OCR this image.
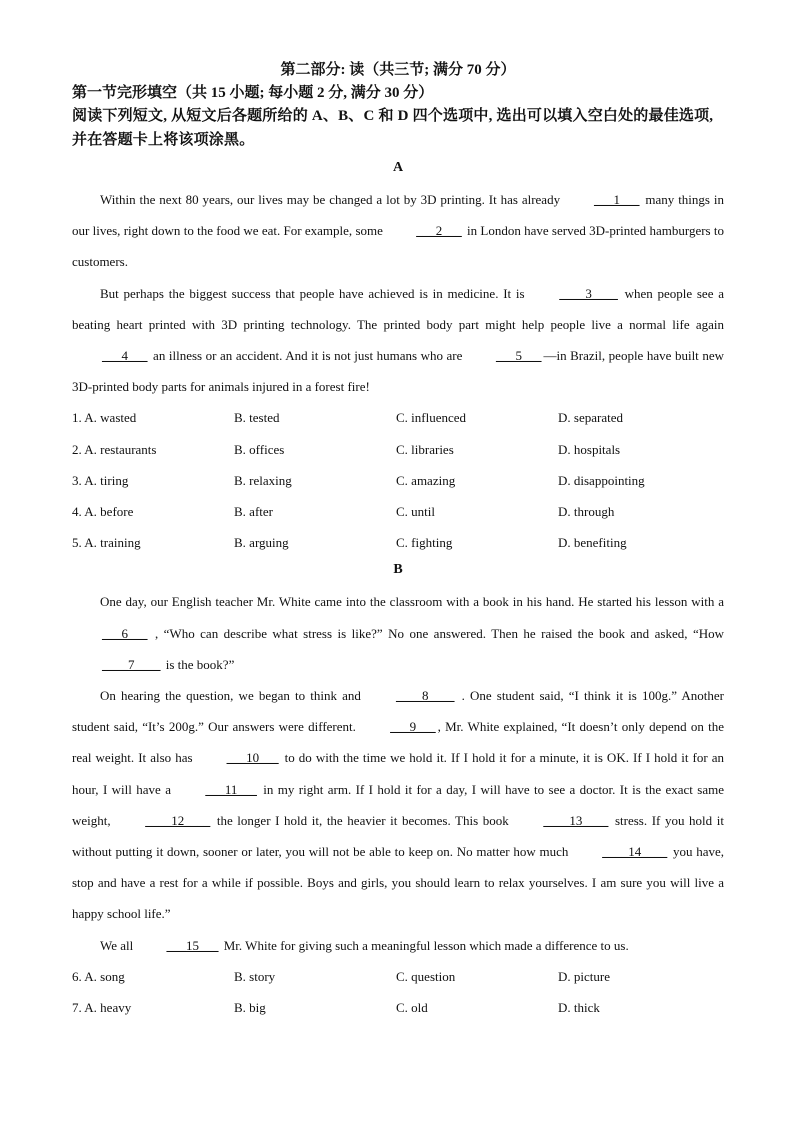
第二部分: 读（共三节; 满分 70 分）

第一节完形填空（共 15 小题; 每小题 2 分, 满分 30 分）

阅读下列短文, 从短文后各题所给的 A、B、C 和 D 四个选项中, 选出可以填入空白处的最佳选项, 并在答题卡上将该项涂黑。

A

Within the next 80 years, our lives may be changed a lot by 3D printing. It has already ___1___ many things in our lives, right down to the food we eat. For example, some ___2___ in London have served 3D-printed hamburgers to customers.

But perhaps the biggest success that people have achieved is in medicine. It is ____3____ when people see a beating heart printed with 3D printing technology. The printed body part might help people live a normal life again ___4___ an illness or an accident. And it is not just humans who are ___5___ —in Brazil, people have built new 3D-printed body parts for animals injured in a forest fire!

1. A. wasted	B. tested	C. influenced	D. separated
2. A. restaurants	B. offices	C. libraries	D. hospitals
3. A. tiring	B. relaxing	C. amazing	D. disappointing
4. A. before	B. after	C. until	D. through
5. A. training	B. arguing	C. fighting	D. benefiting

B

One day, our English teacher Mr. White came into the classroom with a book in his hand. He started his lesson with a ___6___ , “Who can describe what stress is like?” No one answered. Then he raised the book and asked, “How ____7____ is the book?”

On hearing the question, we began to think and ____8____ . One student said, “I think it is 100g.” Another student said, “It’s 200g.” Our answers were different. ___9___ , Mr. White explained, “It doesn’t only depend on the real weight. It also has ___10___ to do with the time we hold it. If I hold it for a minute, it is OK. If I hold it for an hour, I will have a ___11___ in my right arm. If I hold it for a day, I will have to see a doctor. It is the exact same weight, ____12____ the longer I hold it, the heavier it becomes. This book ____13____ stress. If you hold it without putting it down, sooner or later, you will not be able to keep on. No matter how much ____14____ you have, stop and have a rest for a while if possible. Boys and girls, you should learn to relax yourselves. I am sure you will live a happy school life.”

We all ___15___ Mr. White for giving such a meaningful lesson which made a difference to us.

6. A. song	B. story	C. question	D. picture
7. A. heavy	B. big	C. old	D. thick
